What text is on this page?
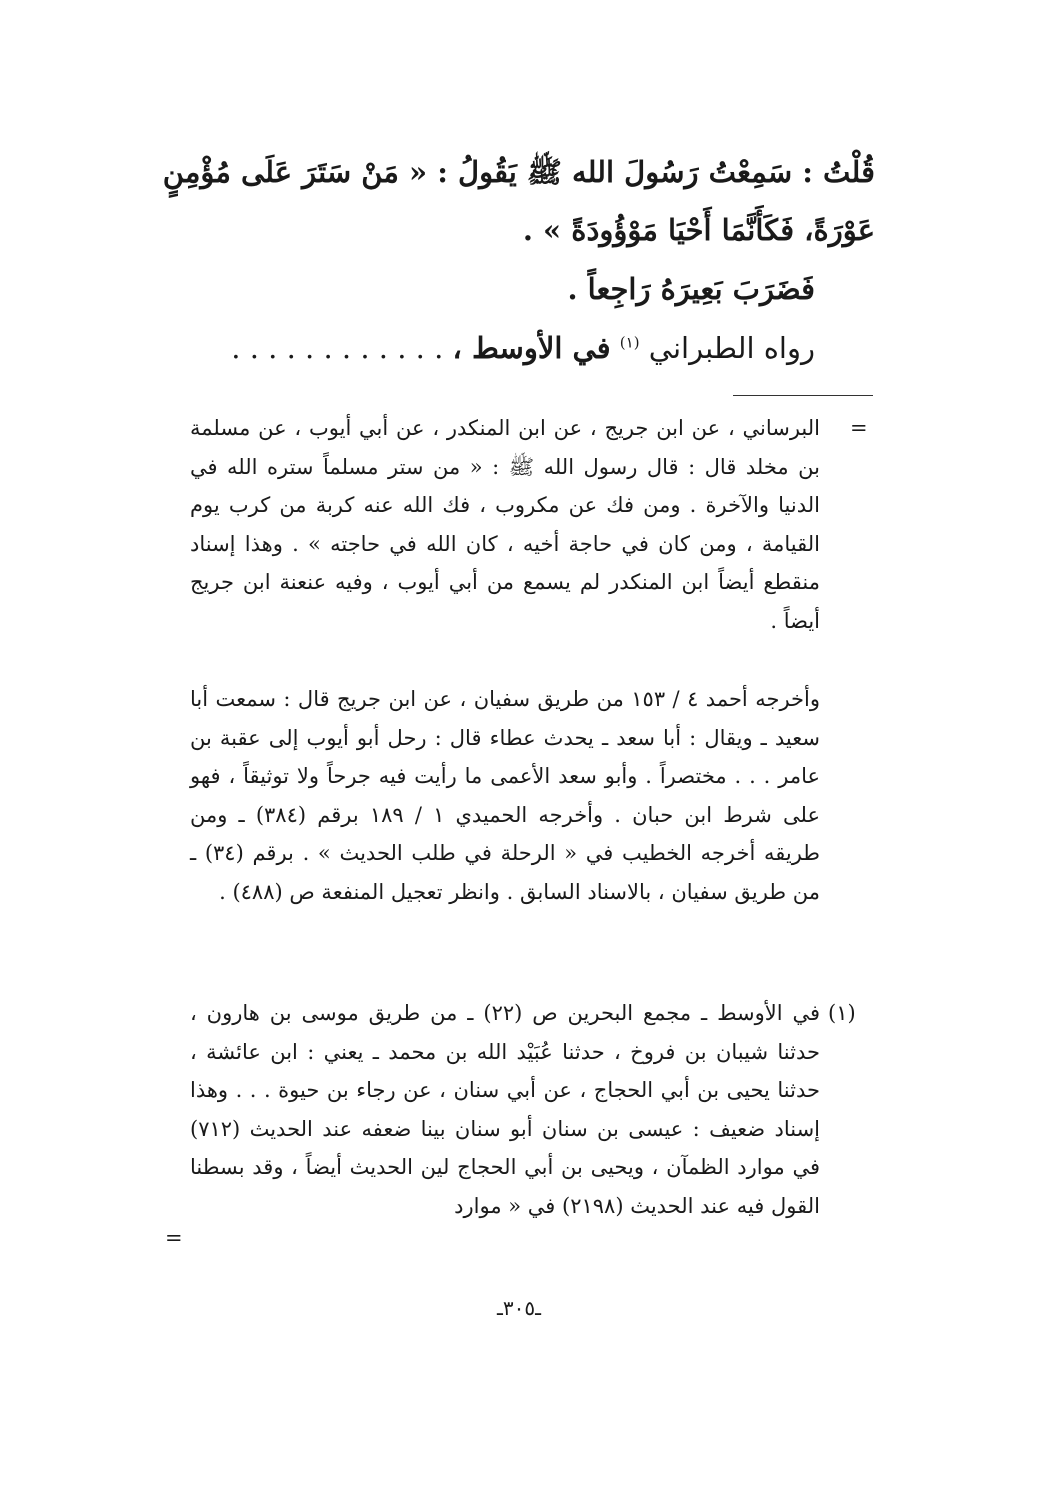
قُلْتُ : سَمِعْتُ رَسُولَ الله ﷺ يَقُولُ : « مَنْ سَتَرَ عَلَى مُؤْمِنٍ
عَوْرَةً، فَكَأَنَّمَا أَحْيَا مَوْؤُودَةً » .
فَضَرَبَ بَعِيرَهُ رَاجِعاً .
رواه الطبراني $^{(١)}$ في الأوسط ، . . . . . . . . . . . .
=
البرساني ، عن ابن جريج ، عن ابن المنكدر ، عن أبي أيوب ، عن مسلمة بن مخلد قال : قال رسول الله ﷺ : « من ستر مسلماً ستره الله في الدنيا والآخرة . ومن فك عن مكروب ، فك الله عنه كربة من كرب يوم القيامة ، ومن كان في حاجة أخيه ، كان الله في حاجته » . وهذا إسناد منقطع أيضاً ابن المنكدر لم يسمع من أبي أيوب ، وفيه عنعنة ابن جريج أيضاً .
وأخرجه أحمد ٤ / ١٥٣ من طريق سفيان ، عن ابن جريج قال : سمعت أبا سعيد ـ ويقال : أبا سعد ـ يحدث عطاء قال : رحل أبو أيوب إلى عقبة بن عامر . . . مختصراً . وأبو سعد الأعمى ما رأيت فيه جرحاً ولا توثيقاً ، فهو على شرط ابن حبان . وأخرجه الحميدي ١ / ١٨٩ برقم (٣٨٤) ـ ومن طريقه أخرجه الخطيب في « الرحلة في طلب الحديث » . برقم (٣٤) ـ من طريق سفيان ، بالاسناد السابق . وانظر تعجيل المنفعة ص (٤٨٨) .
(١)
في الأوسط ـ مجمع البحرين ص (٢٢) ـ من طريق موسى بن هارون ، حدثنا شيبان بن فروخ ، حدثنا عُبَيْد الله بن محمد ـ يعني : ابن عائشة ، حدثنا يحيى بن أبي الحجاج ، عن أبي سنان ، عن رجاء بن حيوة . . . وهذا إسناد ضعيف : عيسى بن سنان أبو سنان بينا ضعفه عند الحديث (٧١٢) في موارد الظمآن ، ويحيى بن أبي الحجاج لين الحديث أيضاً ، وقد بسطنا القول فيه عند الحديث (٢١٩٨) في « موارد
=
ـ٣٠٥ـ
